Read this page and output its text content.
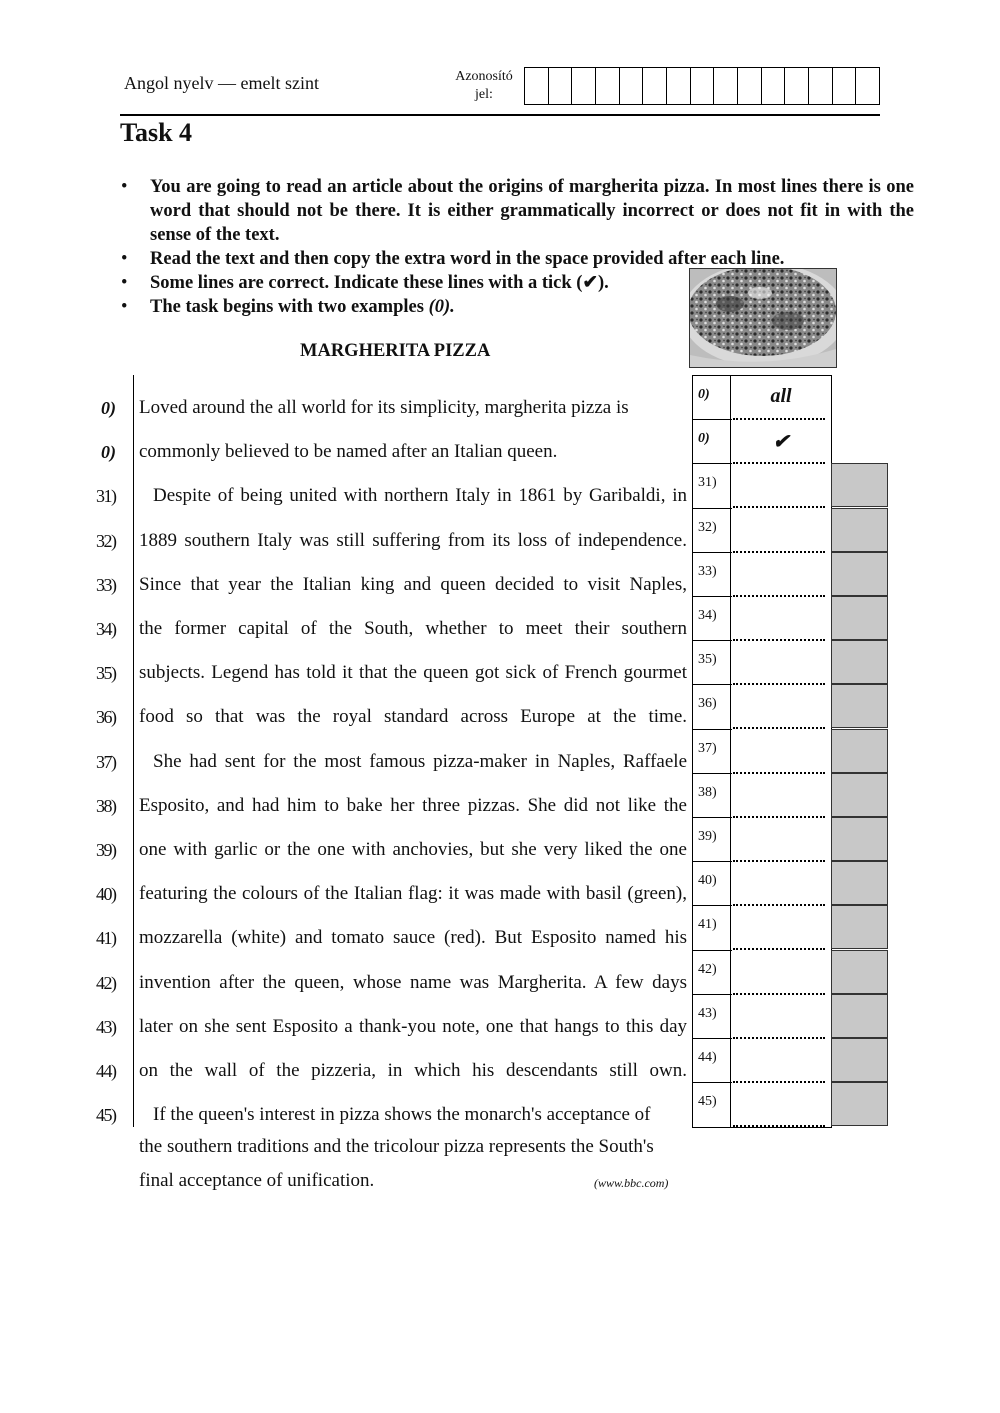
Angol nyelv — emelt szint	Azonosító
jel:
Task 4
• You are going to read an article about the origins of margherita pizza. In most lines there is one word that should not be there. It is either grammatically incorrect or does not fit in with the sense of the text.
• Read the text and then copy the extra word in the space provided after each line.
• Some lines are correct. Indicate these lines with a tick (✔).
• The task begins with two examples (0).
MARGHERITA PIZZA
0)	Loved around the all world for its simplicity, margherita pizza is
0)	commonly believed to be named after an Italian queen.
31)	Despite of being united with northern Italy in 1861 by Garibaldi, in
32)	1889 southern Italy was still suffering from its loss of independence.
33)	Since that year the Italian king and queen decided to visit Naples,
34)	the former capital of the South, whether to meet their southern
35)	subjects. Legend has told it that the queen got sick of French gourmet
36)	food so that was the royal standard across Europe at the time.
37)	She had sent for the most famous pizza-maker in Naples, Raffaele
38)	Esposito, and had him to bake her three pizzas. She did not like the
39)	one with garlic or the one with anchovies, but she very liked the one
40)	featuring the colours of the Italian flag: it was made with basil (green),
41)	mozzarella (white) and tomato sauce (red). But Esposito named his
42)	invention after the queen, whose name was Margherita. A few days
43)	later on she sent Esposito a thank-you note, one that hangs to this day
44)	on the wall of the pizzeria, in which his descendants still own.
45)	If the queen's interest in pizza shows the monarch's acceptance of
the southern traditions and the tricolour pizza represents the South's
final acceptance of unification.	(www.bbc.com)
0)	all
0)	✔
31)
32)
33)
34)
35)
36)
37)
38)
39)
40)
41)
42)
43)
44)
45)
